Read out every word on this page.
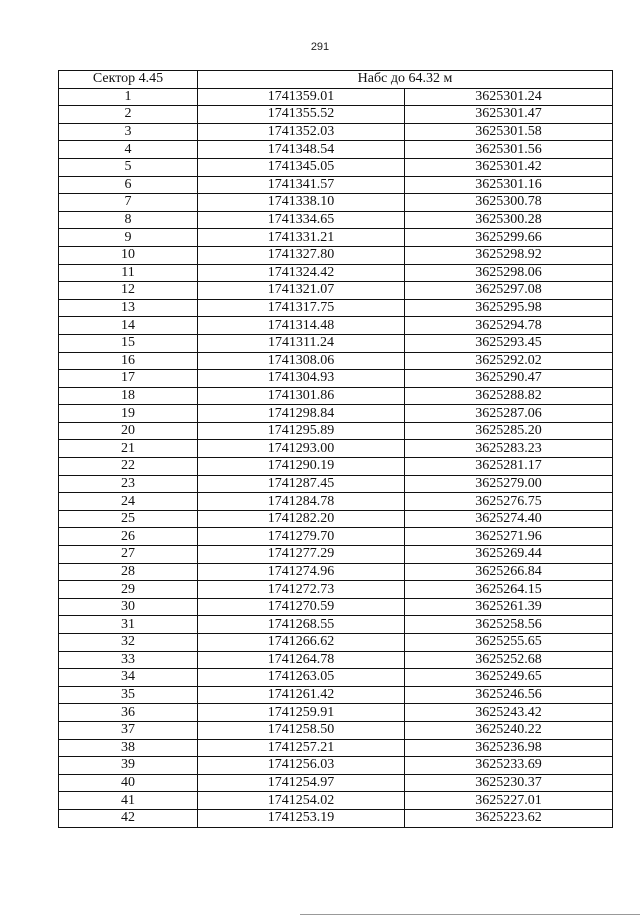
291
Сектор 4.45	Набс до 64.32 м	
1	1741359.01	3625301.24
2	1741355.52	3625301.47
3	1741352.03	3625301.58
4	1741348.54	3625301.56
5	1741345.05	3625301.42
6	1741341.57	3625301.16
7	1741338.10	3625300.78
8	1741334.65	3625300.28
9	1741331.21	3625299.66
10	1741327.80	3625298.92
11	1741324.42	3625298.06
12	1741321.07	3625297.08
13	1741317.75	3625295.98
14	1741314.48	3625294.78
15	1741311.24	3625293.45
16	1741308.06	3625292.02
17	1741304.93	3625290.47
18	1741301.86	3625288.82
19	1741298.84	3625287.06
20	1741295.89	3625285.20
21	1741293.00	3625283.23
22	1741290.19	3625281.17
23	1741287.45	3625279.00
24	1741284.78	3625276.75
25	1741282.20	3625274.40
26	1741279.70	3625271.96
27	1741277.29	3625269.44
28	1741274.96	3625266.84
29	1741272.73	3625264.15
30	1741270.59	3625261.39
31	1741268.55	3625258.56
32	1741266.62	3625255.65
33	1741264.78	3625252.68
34	1741263.05	3625249.65
35	1741261.42	3625246.56
36	1741259.91	3625243.42
37	1741258.50	3625240.22
38	1741257.21	3625236.98
39	1741256.03	3625233.69
40	1741254.97	3625230.37
41	1741254.02	3625227.01
42	1741253.19	3625223.62
